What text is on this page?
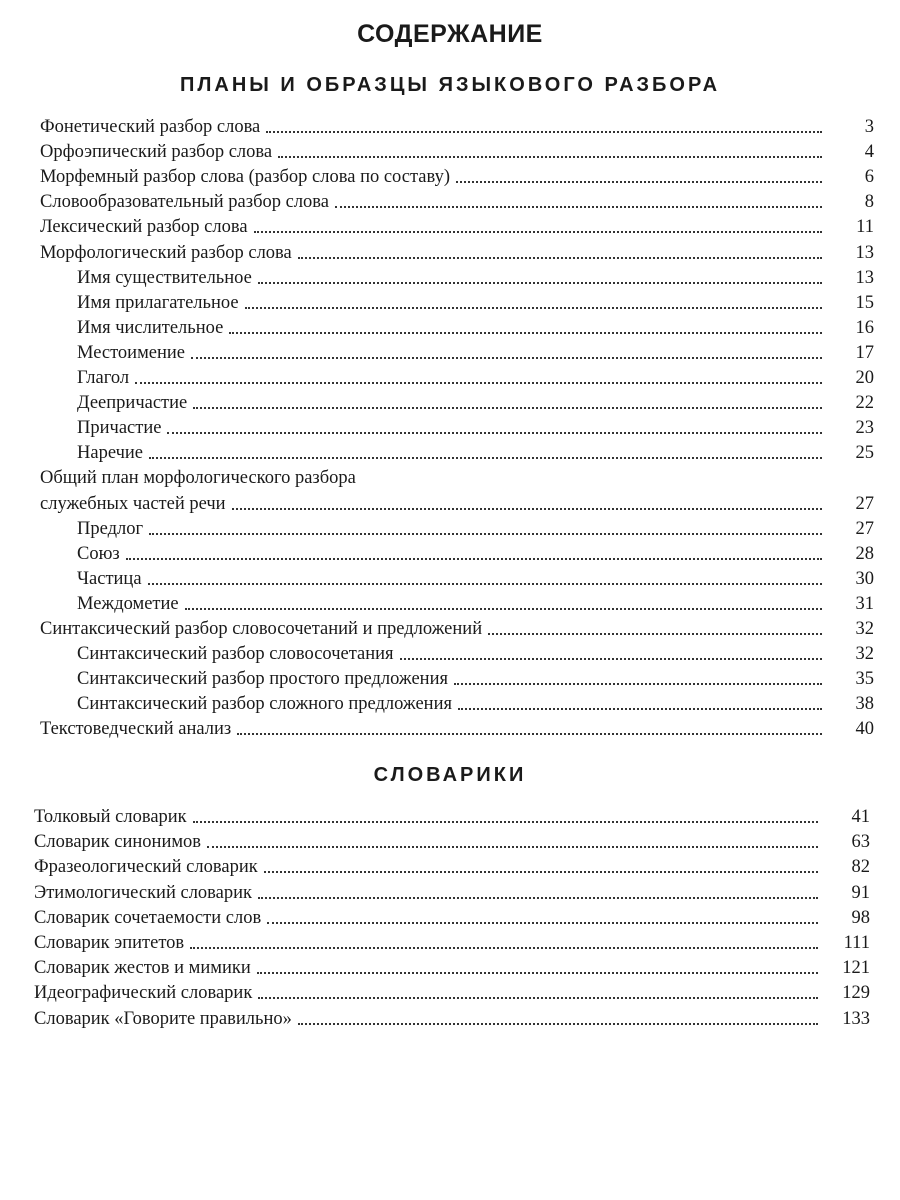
СОДЕРЖАНИЕ
ПЛАНЫ И ОБРАЗЦЫ ЯЗЫКОВОГО РАЗБОРА
Фонетический разбор слова	3
Орфоэпический разбор слова	4
Морфемный разбор слова (разбор слова по составу)	6
Словообразовательный разбор слова	8
Лексический разбор слова	11
Морфологический разбор слова	13
Имя существительное	13
Имя прилагательное	15
Имя числительное	16
Местоимение	17
Глагол	20
Деепричастие	22
Причастие	23
Наречие	25
Общий план морфологического разбора
служебных частей речи	27
Предлог	27
Союз	28
Частица	30
Междометие	31
Синтаксический разбор словосочетаний и предложений	32
Синтаксический разбор словосочетания	32
Синтаксический разбор простого предложения	35
Синтаксический разбор сложного предложения	38
Текстоведческий анализ	40
СЛОВАРИКИ
Толковый словарик	41
Словарик синонимов	63
Фразеологический словарик	82
Этимологический словарик	91
Словарик сочетаемости слов	98
Словарик эпитетов	111
Словарик жестов и мимики	121
Идеографический словарик	129
Словарик «Говорите правильно»	133
